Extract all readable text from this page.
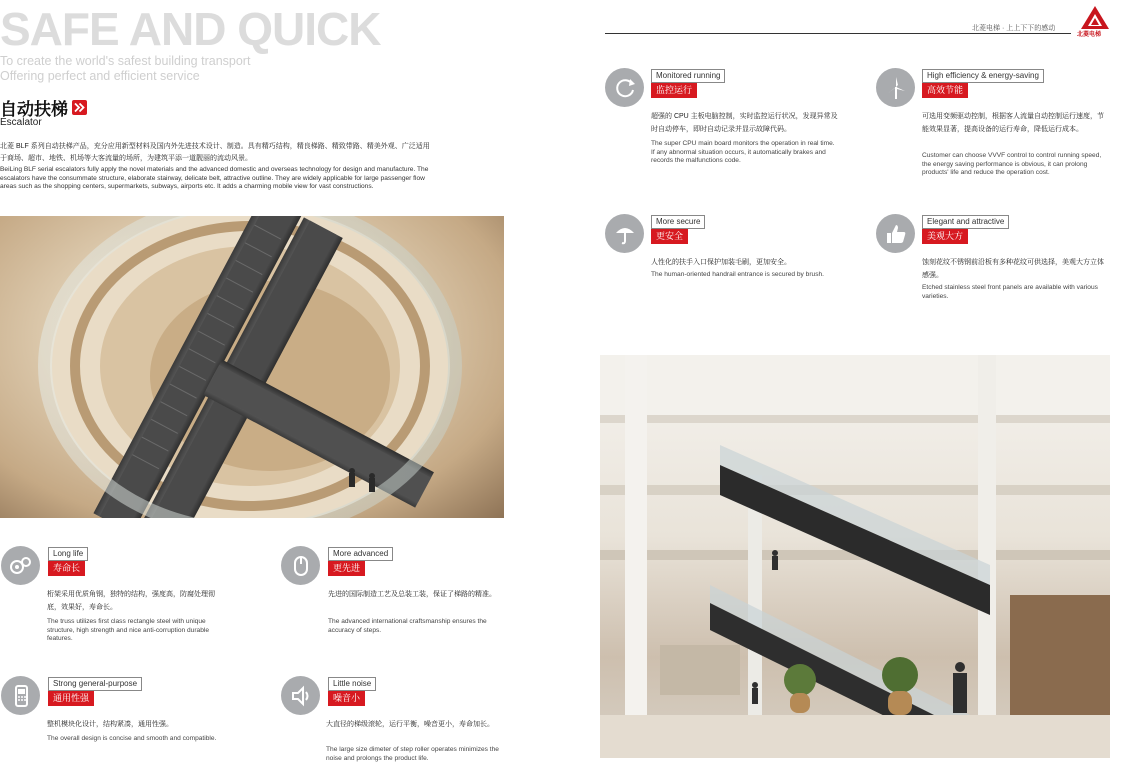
SAFE AND QUICK
To create the world's safest building transport
Offering perfect and efficient service
自动扶梯
Escalator
北菱 BLF 系列自动扶梯产品，充分应用新型材料及国内外先进技术设计、制造。具有精巧结构，精良梯路、精致带路、精美外观、广泛适用于商场、超市、地铁、机场等大客流量的场所，为建筑平添一道靓丽的流动风景。
BeiLing BLF serial escalators fully apply the novel materials and the advanced domestic and overseas technology for design and manufacture. The escalators have the consummate structure, elaborate stairway, delicate belt, attractive outline. They are widely applicable for large passenger flow areas such as the shopping centers, supermarkets, subways, airports etc. It adds a charming mobile view for vast constructions.
Long life
寿命长
桁架采用优质角钢，独特的结构，强度高，防腐处理彻底，效果好，寿命长。
The truss utilizes first class rectangle steel with unique structure, high strength and nice anti-corruption durable features.
More advanced
更先进
先进的国际制造工艺及总装工装，保证了梯路的精准。
The advanced international craftsmanship ensures the accuracy of steps.
Strong general-purpose
通用性强
整机模块化设计，结构紧凑，通用性强。
The overall design is concise and smooth and compatible.
Little noise
噪音小
大直径的梯级滚轮，运行平衡，噪音更小，寿命加长。
The large size dimeter of step roller operates minimizes the noise and prolongs the product life.
北菱电梯 · 上上下下的感动
北菱电梯
Monitored running
监控运行
超强的 CPU 主板电脑控制，实时监控运行状况，发现异常及时自动停车，即时自动记录并显示故障代码。
The super CPU main board monitors the operation in real time. If any abnormal situation occurs, it automatically brakes and records the malfunctions code.
High efficiency & energy-saving
高效节能
可选用变频驱动控制，根据客人流量自动控制运行速度，节能效果显著，提高设备的运行寿命，降低运行成本。
Customer can choose VVVF control to control running speed, the energy saving performance is obvious, it can prolong products' life and reduce the operation cost.
More secure
更安全
人性化的扶手入口保护加装毛刷，更加安全。
The human-oriented handrail entrance is secured by brush.
Elegant and attractive
美观大方
蚀刻花纹不锈钢前沿板有多种花纹可供选择，美观大方立体感强。
Etched stainless steel front panels are available with various varieties.
